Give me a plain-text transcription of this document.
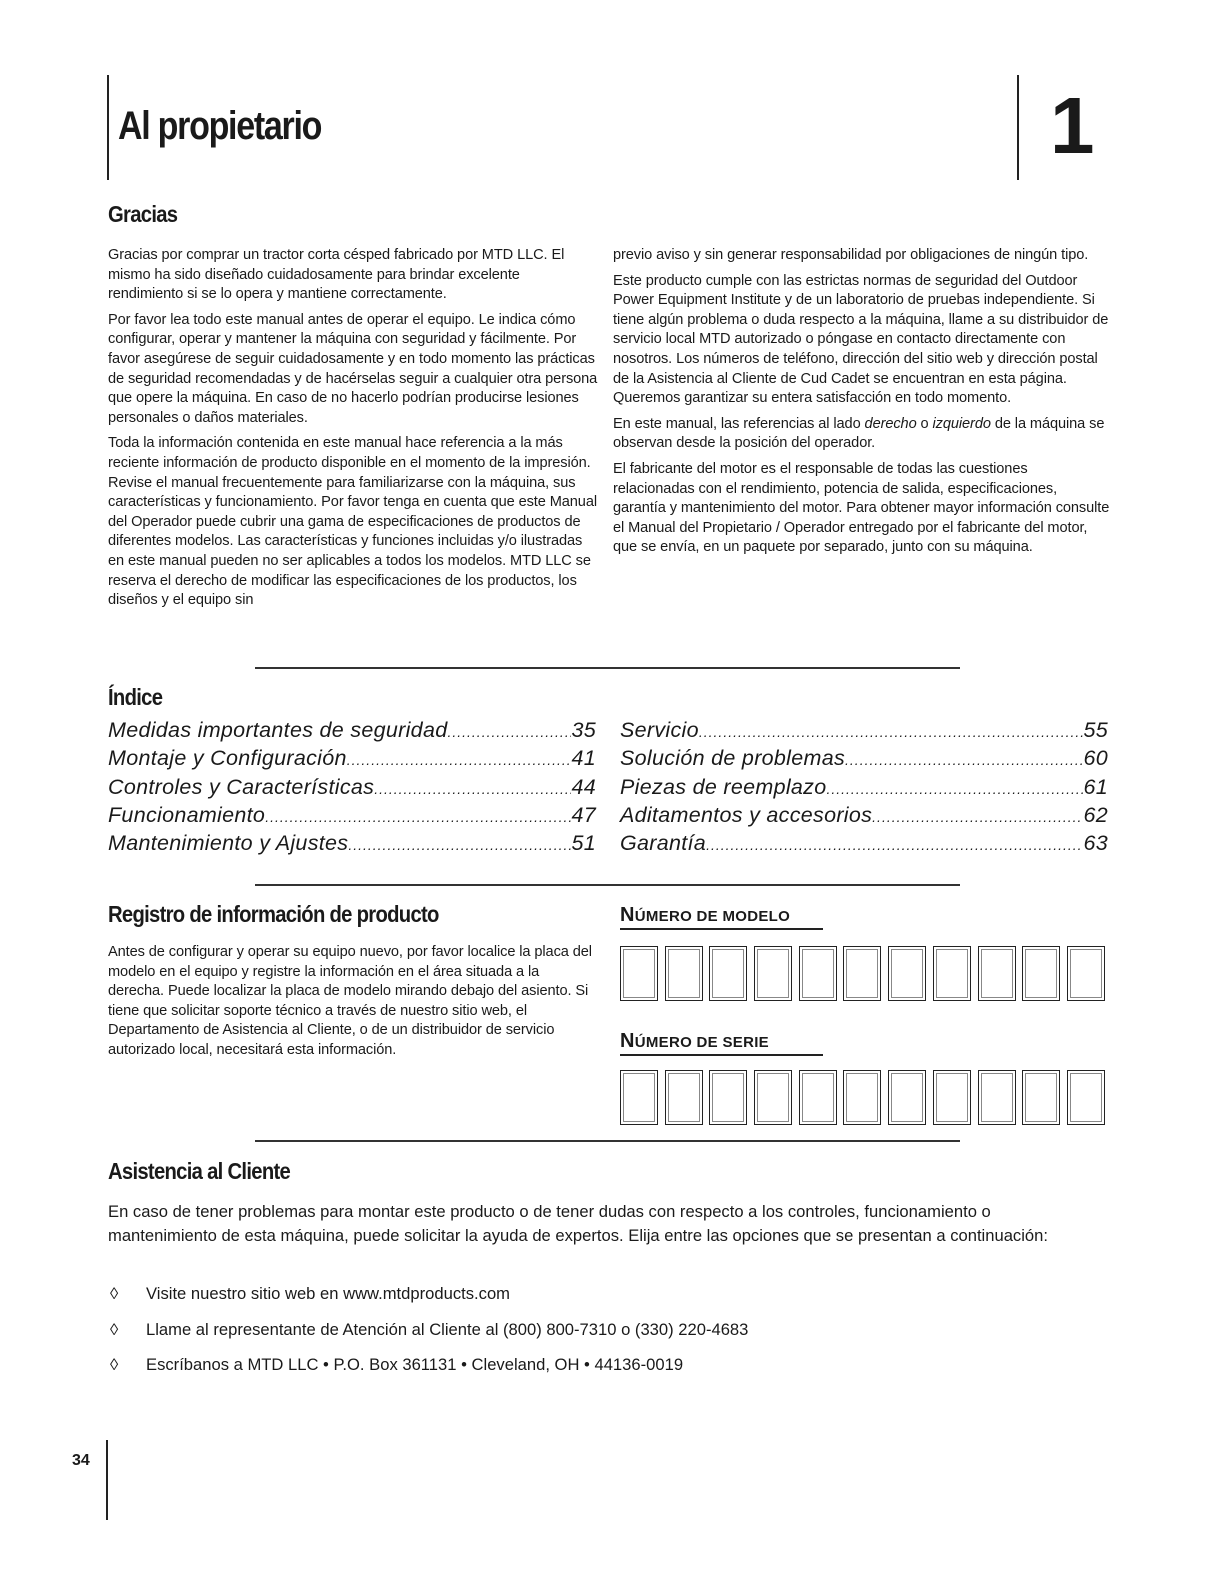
Al propietario	1
Gracias

Gracias por comprar un tractor corta césped fabricado por MTD LLC. El mismo ha sido diseñado cuidadosamente para brindar excelente rendimiento si se lo opera y mantiene correctamente.

Por favor lea todo este manual antes de operar el equipo. Le indica cómo configurar, operar y mantener la máquina con seguridad y fácilmente. Por favor asegúrese de seguir cuidadosamente y en todo momento las prácticas de seguridad recomendadas y de hacérselas seguir a cualquier otra persona que opere la máquina. En caso de no hacerlo podrían producirse lesiones personales o daños materiales.

Toda la información contenida en este manual hace referencia a la más reciente información de producto disponible en el momento de la impresión. Revise el manual frecuentemente para familiarizarse con la máquina, sus características y funcionamiento. Por favor tenga en cuenta que este Manual del Operador puede cubrir una gama de especificaciones de productos de diferentes modelos. Las características y funciones incluidas y/o ilustradas en este manual pueden no ser aplicables a todos los modelos. MTD LLC se reserva el derecho de modificar las especificaciones de los productos, los diseños y el equipo sin

previo aviso y sin generar responsabilidad por obligaciones de ningún tipo.

Este producto cumple con las estrictas normas de seguridad del Outdoor Power Equipment Institute y de un laboratorio de pruebas independiente. Si tiene algún problema o duda respecto a la máquina, llame a su distribuidor de servicio local MTD autorizado o póngase en contacto directamente con nosotros. Los números de teléfono, dirección del sitio web y dirección postal de la Asistencia al Cliente de Cud Cadet se encuentran en esta página. Queremos garantizar su entera satisfacción en todo momento.

En este manual, las referencias al lado derecho o izquierdo de la máquina se observan desde la posición del operador.

El fabricante del motor es el responsable de todas las cuestiones relacionadas con el rendimiento, potencia de salida, especificaciones, garantía y mantenimiento del motor. Para obtener mayor información consulte el Manual del Propietario / Operador entregado por el fabricante del motor, que se envía, en un paquete por separado, junto con su máquina.

Índice
Medidas importantes de seguridad .....	35
Montaje y Configuración .....	41
Controles y Características .....	44
Funcionamiento .....	47
Mantenimiento y Ajustes .....	51
Servicio .....	55
Solución de problemas .....	60
Piezas de reemplazo .....	61
Aditamentos y accesorios .....	62
Garantía .....	63
Registro de información de producto

Antes de configurar y operar su equipo nuevo, por favor localice la placa del modelo en el equipo y registre la información en el área situada a la derecha. Puede localizar la placa de modelo mirando debajo del asiento. Si tiene que solicitar soporte técnico a través de nuestro sitio web, el Departamento de Asistencia al Cliente, o de un distribuidor de servicio autorizado local, necesitará esta información.

NÚMERO DE MODELO
NÚMERO DE SERIE
Asistencia al Cliente

En caso de tener problemas para montar este producto o de tener dudas con respecto a los controles, funcionamiento o mantenimiento de esta máquina, puede solicitar la ayuda de expertos. Elija entre las opciones que se presentan a continuación:

◊	Visite nuestro sitio web en www.mtdproducts.com
◊	Llame al representante de Atención al Cliente al (800) 800-7310 o (330) 220-4683
◊	Escríbanos a MTD LLC • P.O. Box 361131 • Cleveland, OH • 44136-0019
34
